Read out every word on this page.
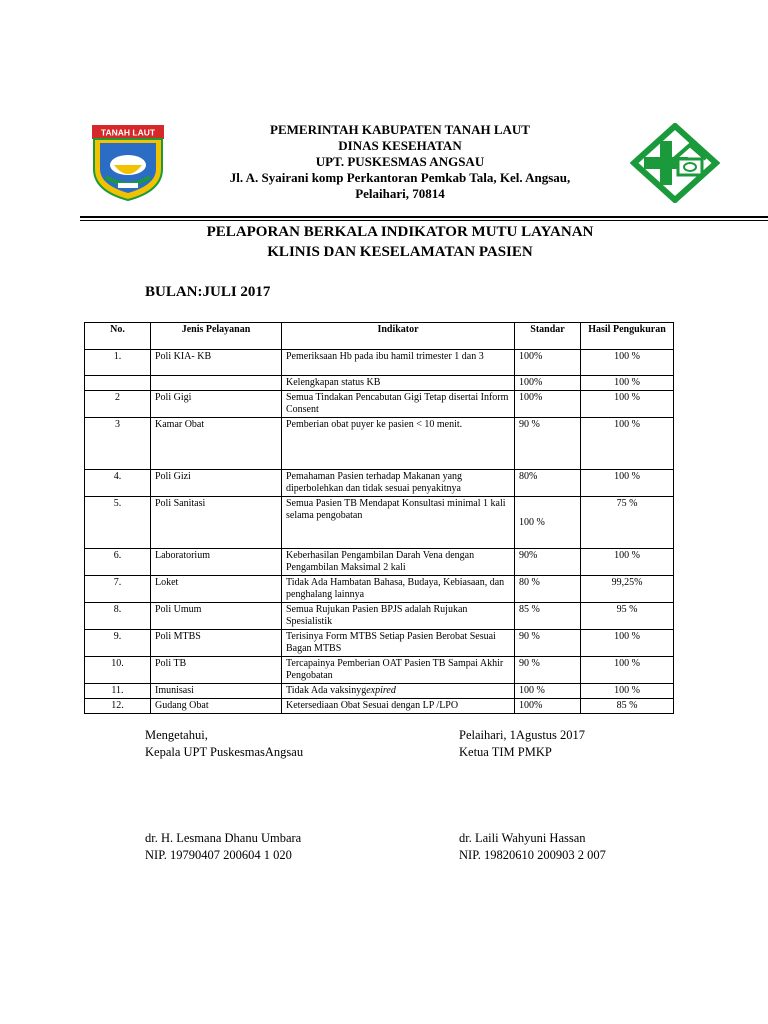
TANAH LAUT	PEMERINTAH KABUPATEN TANAH LAUT
DINAS KESEHATAN
UPT. PUSKESMAS ANGSAU
Jl. A. Syairani komp Perkantoran Pemkab Tala, Kel. Angsau,
Pelaihari, 70814
PELAPORAN BERKALA INDIKATOR MUTU LAYANAN
KLINIS DAN KESELAMATAN PASIEN
BULAN:JULI 2017
No.	Jenis Pelayanan	Indikator	Standar	Hasil Pengukuran
1.	Poli KIA- KB	Pemeriksaan Hb pada ibu hamil trimester 1 dan 3	100%	100 %
		Kelengkapan status KB	100%	100 %
2	Poli Gigi	Semua Tindakan Pencabutan Gigi Tetap disertai Inform Consent	100%	100 %
3	Kamar Obat	Pemberian obat puyer ke pasien < 10 menit.	90 %	100 %
4.	Poli Gizi	Pemahaman Pasien terhadap Makanan yang diperbolehkan dan tidak sesuai penyakitnya	80%	100 %
5.	Poli Sanitasi	Semua Pasien TB Mendapat Konsultasi minimal 1 kali selama pengobatan	100 %	75 %
6.	Laboratorium	Keberhasilan Pengambilan Darah Vena dengan Pengambilan Maksimal 2 kali	90%	100 %
7.	Loket	Tidak Ada Hambatan Bahasa, Budaya, Kebiasaan, dan penghalang lainnya	80 %	99,25%
8.	Poli Umum	Semua Rujukan Pasien BPJS adalah Rujukan Spesialistik	85 %	95 %
9.	Poli MTBS	Terisinya Form MTBS Setiap Pasien Berobat Sesuai Bagan MTBS	90 %	100 %
10.	Poli TB	Tercapainya Pemberian OAT Pasien TB Sampai Akhir Pengobatan	90 %	100 %
11.	Imunisasi	Tidak Ada vaksinygexpired	100 %	100 %
12.	Gudang Obat	Ketersediaan Obat Sesuai dengan LP /LPO	100%	85 %
Mengetahui,
Kepala UPT PuskesmasAngsau
Pelaihari, 1Agustus 2017
Ketua TIM PMKP
dr. H. Lesmana Dhanu Umbara
NIP. 19790407 200604 1 020
dr. Laili Wahyuni Hassan
NIP. 19820610 200903 2 007
